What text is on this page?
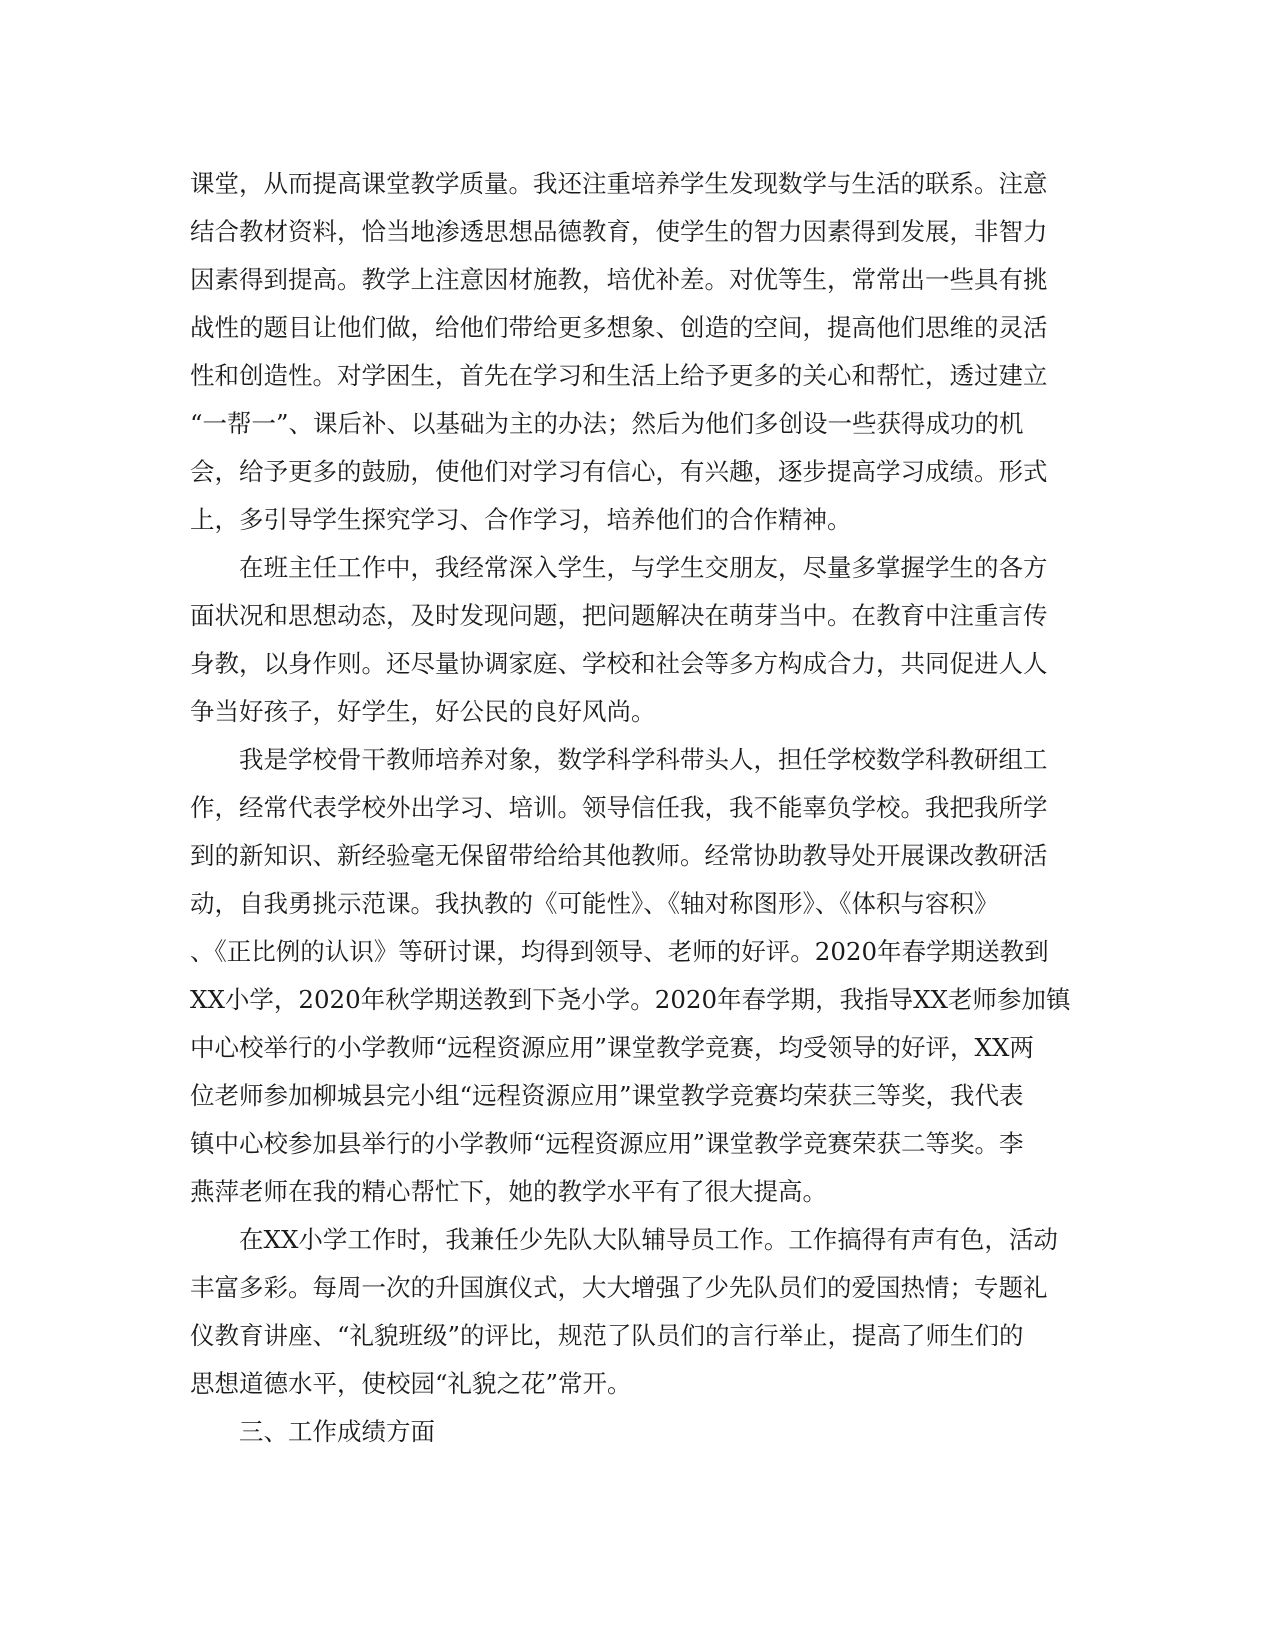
课堂，从而提高课堂教学质量。我还注重培养学生发现数学与生活的联系。注意
结合教材资料，恰当地渗透思想品德教育，使学生的智力因素得到发展，非智力
因素得到提高。教学上注意因材施教，培优补差。对优等生，常常出一些具有挑
战性的题目让他们做，给他们带给更多想象、创造的空间，提高他们思维的灵活
性和创造性。对学困生，首先在学习和生活上给予更多的关心和帮忙，透过建立
“一帮一”、课后补、以基础为主的办法；然后为他们多创设一些获得成功的机
会，给予更多的鼓励，使他们对学习有信心，有兴趣，逐步提高学习成绩。形式
上，多引导学生探究学习、合作学习，培养他们的合作精神。
在班主任工作中，我经常深入学生，与学生交朋友，尽量多掌握学生的各方
面状况和思想动态，及时发现问题，把问题解决在萌芽当中。在教育中注重言传
身教，以身作则。还尽量协调家庭、学校和社会等多方构成合力，共同促进人人
争当好孩子，好学生，好公民的良好风尚。
我是学校骨干教师培养对象，数学科学科带头人，担任学校数学科教研组工
作，经常代表学校外出学习、培训。领导信任我，我不能辜负学校。我把我所学
到的新知识、新经验毫无保留带给给其他教师。经常协助教导处开展课改教研活
动，自我勇挑示范课。我执教的《可能性》、《轴对称图形》、《体积与容积》
、《正比例的认识》等研讨课，均得到领导、老师的好评。2020年春学期送教到
XX小学，2020年秋学期送教到下尧小学。2020年春学期，我指导XX老师参加镇
中心校举行的小学教师“远程资源应用”课堂教学竞赛，均受领导的好评，XX两
位老师参加柳城县完小组“远程资源应用”课堂教学竞赛均荣获三等奖，我代表
镇中心校参加县举行的小学教师“远程资源应用”课堂教学竞赛荣获二等奖。李
燕萍老师在我的精心帮忙下，她的教学水平有了很大提高。
在XX小学工作时，我兼任少先队大队辅导员工作。工作搞得有声有色，活动
丰富多彩。每周一次的升国旗仪式，大大增强了少先队员们的爱国热情；专题礼
仪教育讲座、“礼貌班级”的评比，规范了队员们的言行举止，提高了师生们的
思想道德水平，使校园“礼貌之花”常开。
三、工作成绩方面
